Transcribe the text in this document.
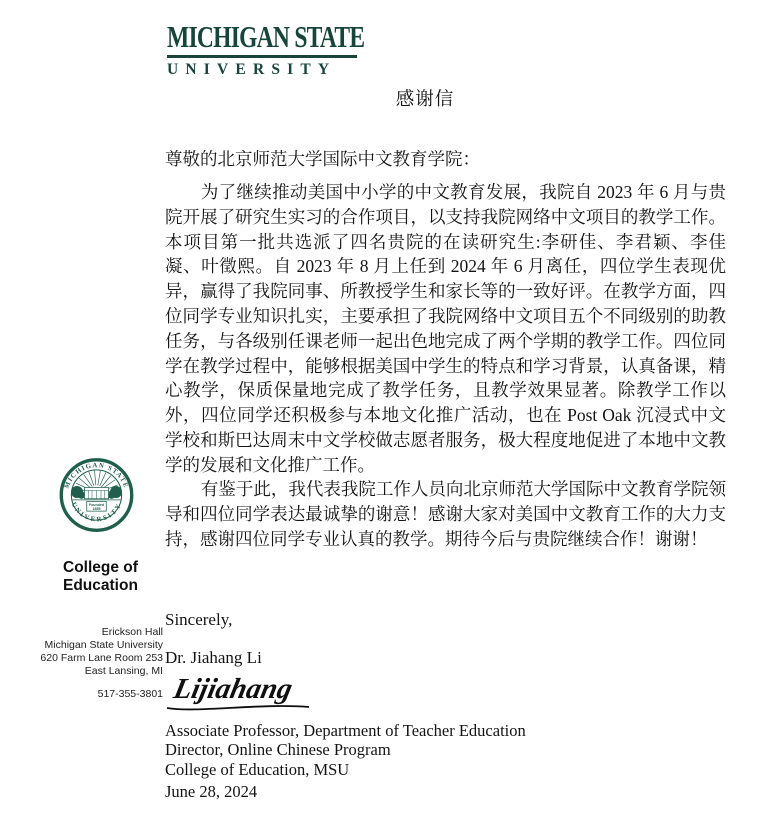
MICHIGAN STATE
UNIVERSITY
感谢信
尊敬的北京师范大学国际中文教育学院：
为了继续推动美国中小学的中文教育发展，我院自 2023 年 6 月与贵院开展了研究生实习的合作项目，以支持我院网络中文项目的教学工作。本项目第一批共选派了四名贵院的在读研究生:李研佳、李君颖、李佳凝、叶徵熙。自 2023 年 8 月上任到 2024 年 6 月离任，四位学生表现优异，赢得了我院同事、所教授学生和家长等的一致好评。在教学方面，四位同学专业知识扎实，主要承担了我院网络中文项目五个不同级别的助教任务，与各级别任课老师一起出色地完成了两个学期的教学工作。四位同学在教学过程中，能够根据美国中学生的特点和学习背景，认真备课，精心教学，保质保量地完成了教学任务，且教学效果显著。除教学工作以外，四位同学还积极参与本地文化推广活动，也在 Post Oak 沉浸式中文学校和斯巴达周末中文学校做志愿者服务，极大程度地促进了本地中文教学的发展和文化推广工作。
有鉴于此，我代表我院工作人员向北京师范大学国际中文教育学院领导和四位同学表达最诚挚的谢意！感谢大家对美国中文教育工作的大力支持，感谢四位同学专业认真的教学。期待今后与贵院继续合作！谢谢！
MICHIGAN STATE
UNIVERSITY
Founded
1855
College of
Education
Erickson Hall
Michigan State University
620 Farm Lane Room 253
East Lansing, MI
517-355-3801
Sincerely,
Dr. Jiahang Li
Lijiahang
Associate Professor, Department of Teacher Education
Director, Online Chinese Program
College of Education, MSU
June 28, 2024
